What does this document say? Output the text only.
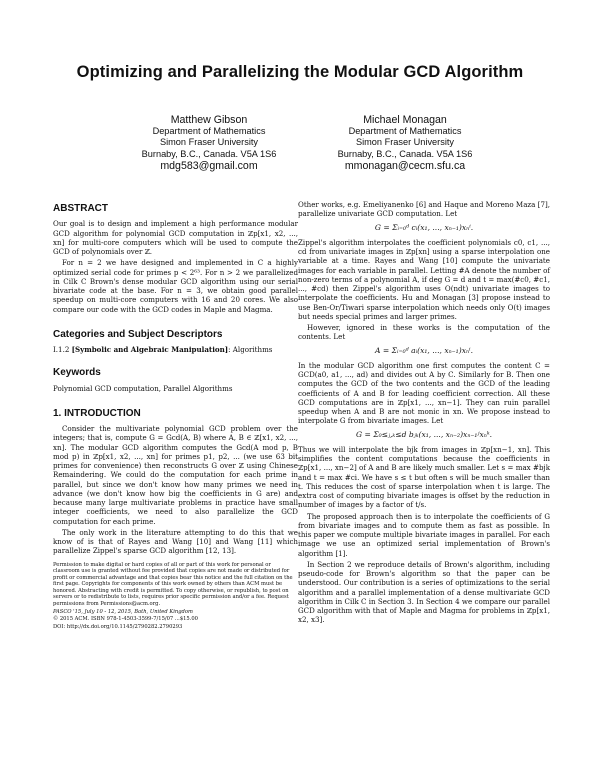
Optimizing and Parallelizing the Modular GCD Algorithm
Matthew Gibson
Department of Mathematics
Simon Fraser University
Burnaby, B.C., Canada. V5A 1S6
mdg583@gmail.com
Michael Monagan
Department of Mathematics
Simon Fraser University
Burnaby, B.C., Canada. V5A 1S6
mmonagan@cecm.sfu.ca
ABSTRACT

Our goal is to design and implement a high performance modular GCD algorithm for polynomial GCD computation in ℤp[x1, x2, ..., xn] for multi-core computers which will be used to compute the GCD of polynomials over ℤ.

For n = 2 we have designed and implemented in C a highly optimized serial code for primes p < 2⁶³. For n > 2 we parallelized in Cilk C Brown's dense modular GCD algorithm using our serial bivariate code at the base. For n = 3, we obtain good parallel speedup on multi-core computers with 16 and 20 cores. We also compare our code with the GCD codes in Maple and Magma.

Categories and Subject Descriptors

I.1.2 [Symbolic and Algebraic Manipulation]: Algorithms

Keywords

Polynomial GCD computation, Parallel Algorithms

1. INTRODUCTION

Consider the multivariate polynomial GCD problem over the integers; that is, compute G = Gcd(A, B) where A, B ∈ ℤ[x1, x2, ..., xn]. The modular GCD algorithm computes the Gcd(A mod p, B mod p) in ℤp[x1, x2, ..., xn] for primes p1, p2, ... (we use 63 bit primes for convenience) then reconstructs G over ℤ using Chinese Remaindering. We could do the computation for each prime in parallel, but since we don't know how many primes we need in advance (we don't know how big the coefficients in G are) and because many large multivariate problems in practice have small integer coefficients, we need to also parallelize the GCD computation for each prime.

The only work in the literature attempting to do this that we know of is that of Rayes and Wang [10] and Wang [11] which parallelize Zippel's sparse GCD algorithm [12, 13].

Permission to make digital or hard copies of all or part of this work for personal or classroom use is granted without fee provided that copies are not made or distributed for profit or commercial advantage and that copies bear this notice and the full citation on the first page. Copyrights for components of this work owned by others than ACM must be honored. Abstracting with credit is permitted. To copy otherwise, or republish, to post on servers or to redistribute to lists, requires prior specific permission and/or a fee. Request permissions from Permissions@acm.org.

PASCO '15, July 10 - 12, 2015, Bath, United Kingdom

© 2015 ACM. ISBN 978-1-4503-3599-7/15/07 ...$15.00

DOI: http://dx.doi.org/10.1145/2790282.2790293

Other works, e.g. Emeliyanenko [6] and Haque and Moreno Maza [7], parallelize univariate GCD computation. Let

G = Σᵢ₌₀ᵈ cᵢ(x₁, ..., xₙ₋₁)xₙⁱ.

Zippel's algorithm interpolates the coefficient polynomials c0, c1, ..., cd from univariate images in ℤp[xn] using a sparse interpolation one variable at a time. Rayes and Wang [10] compute the univariate images for each variable in parallel. Letting #A denote the number of non-zero terms of a polynomial A, if deg G = d and t = max(#c0, #c1, ..., #cd) then Zippel's algorithm uses O(ndt) univariate images to interpolate the coefficients. Hu and Monagan [3] propose instead to use Ben-Or/Tiwari sparse interpolation which needs only O(t) images but needs special primes and larger primes.

However, ignored in these works is the computation of the contents. Let

A = Σᵢ₌₀ᵈ aᵢ(x₁, ..., xₙ₋₁)xₙⁱ.

In the modular GCD algorithm one first computes the content C = GCD(a0, a1, ..., ad) and divides out A by C. Similarly for B. Then one computes the GCD of the two contents and the GCD of the leading coefficients of A and B for leading coefficient correction. All these GCD computations are in ℤp[x1, ..., xn−1]. They can ruin parallel speedup when A and B are not monic in xn. We propose instead to interpolate G from bivariate images. Let

G = Σ₀≤ⱼ,ₖ≤d bⱼₖ(x₁, ..., xₙ₋₂)xₙ₋₁ʲxₙᵏ.

Thus we will interpolate the bjk from images in ℤp[xn−1, xn]. This simplifies the content computations because the coefficients in ℤp[x1, ..., xn−2] of A and B are likely much smaller. Let s = max #bjk and t = max #ci. We have s ≤ t but often s will be much smaller than t. This reduces the cost of sparse interpolation when t is large. The extra cost of computing bivariate images is offset by the reduction in number of images by a factor of t/s.

The proposed approach then is to interpolate the coefficients of G from bivariate images and to compute them as fast as possible. In this paper we compute multiple bivariate images in parallel. For each image we use an optimized serial implementation of Brown's algorithm [1].

In Section 2 we reproduce details of Brown's algorithm, including pseudo-code for Brown's algorithm so that the paper can be understood. Our contribution is a series of optimizations to the serial algorithm and a parallel implementation of a dense multivariate GCD algorithm in Cilk C in Section 3. In Section 4 we compare our parallel GCD algorithm with that of Maple and Magma for problems in ℤp[x1, x2, x3].
